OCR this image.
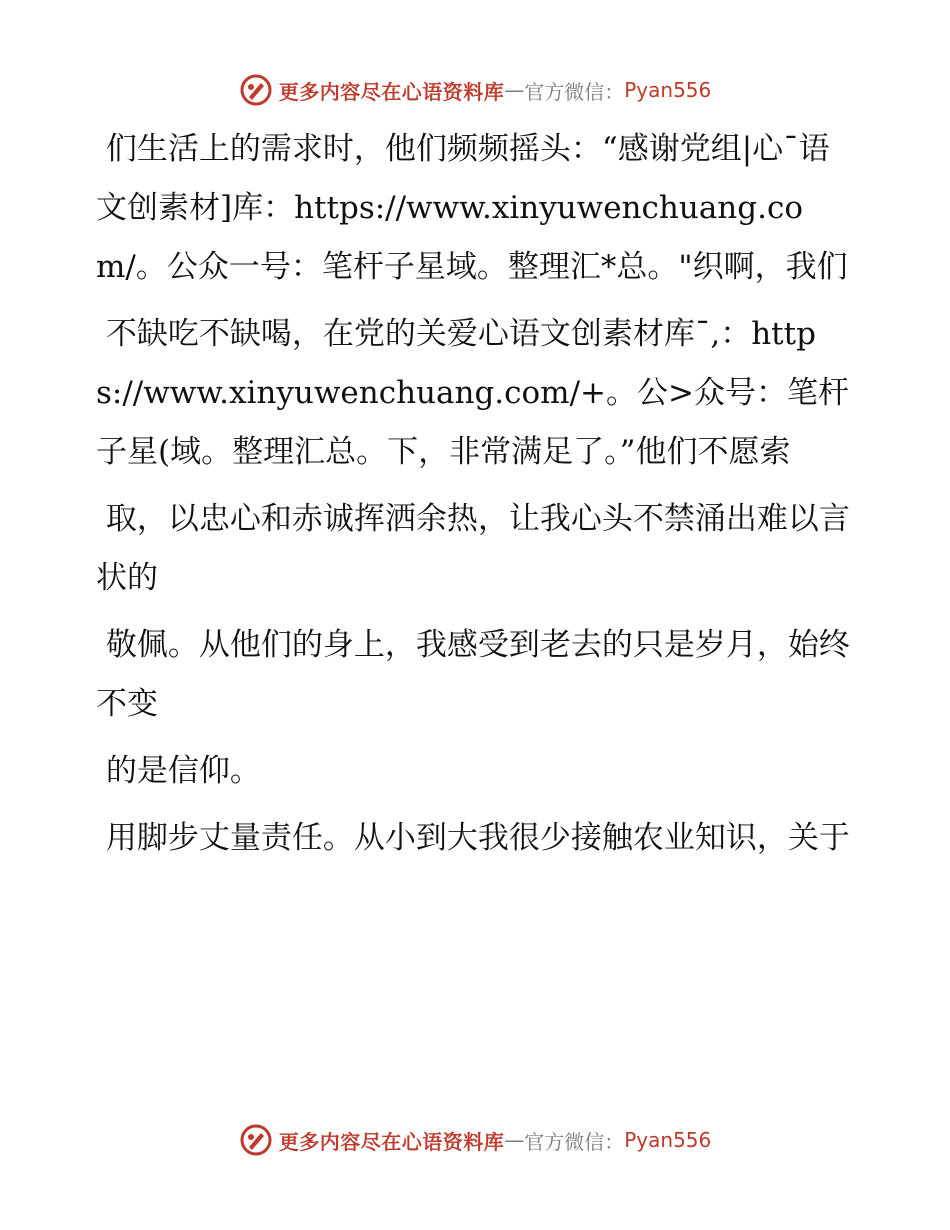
更多内容尽在心语资料库 — 官方微信： Pyan556

们生活上的需求时，他们频频摇头：“感谢党组|心¯语文创素材]库：https://www.xinyuwenchuang.com/。公众一号：笔杆子星域。整理汇*总。"织啊，我们

不缺吃不缺喝，在党的关爱心语文创素材库¯,：https://www.xinyuwenchuang.com/+。公>众号：笔杆子星(域。整理汇总。下，非常满足了。”他们不愿索

取，以忠心和赤诚挥洒余热，让我心头不禁涌出难以言状的

敬佩。从他们的身上，我感受到老去的只是岁月，始终不变

的是信仰。

用脚步丈量责任。从小到大我很少接触农业知识，关于

更多内容尽在心语资料库 — 官方微信： Pyan556
